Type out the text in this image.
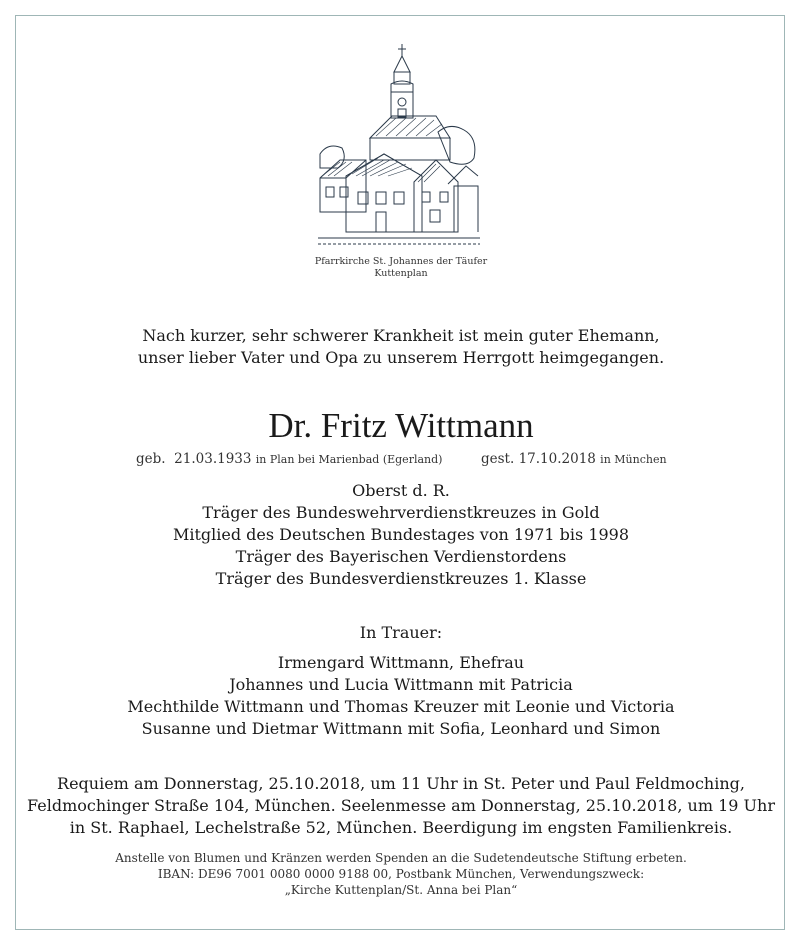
Pfarrkirche St. Johannes der Täufer
Kuttenplan
Nach kurzer, sehr schwerer Krankheit ist mein guter Ehemann,
unser lieber Vater und Opa zu unserem Herrgott heimgegangen.
Dr. Fritz Wittmann
geb. 21.03.1933 in Plan bei Marienbad (Egerland)	gest. 17.10.2018 in München
Oberst d. R.
Träger des Bundeswehrverdienstkreuzes in Gold
Mitglied des Deutschen Bundestages von 1971 bis 1998
Träger des Bayerischen Verdienstordens
Träger des Bundesverdienstkreuzes 1. Klasse
In Trauer:
Irmengard Wittmann, Ehefrau
Johannes und Lucia Wittmann mit Patricia
Mechthilde Wittmann und Thomas Kreuzer mit Leonie und Victoria
Susanne und Dietmar Wittmann mit Sofia, Leonhard und Simon
Requiem am Donnerstag, 25.10.2018, um 11 Uhr in St. Peter und Paul Feldmoching,
Feldmochinger Straße 104, München. Seelenmesse am Donnerstag, 25.10.2018, um 19 Uhr
in St. Raphael, Lechelstraße 52, München. Beerdigung im engsten Familienkreis.
Anstelle von Blumen und Kränzen werden Spenden an die Sudetendeutsche Stiftung erbeten.
IBAN: DE96 7001 0080 0000 9188 00, Postbank München, Verwendungszweck:
„Kirche Kuttenplan/St. Anna bei Plan“
